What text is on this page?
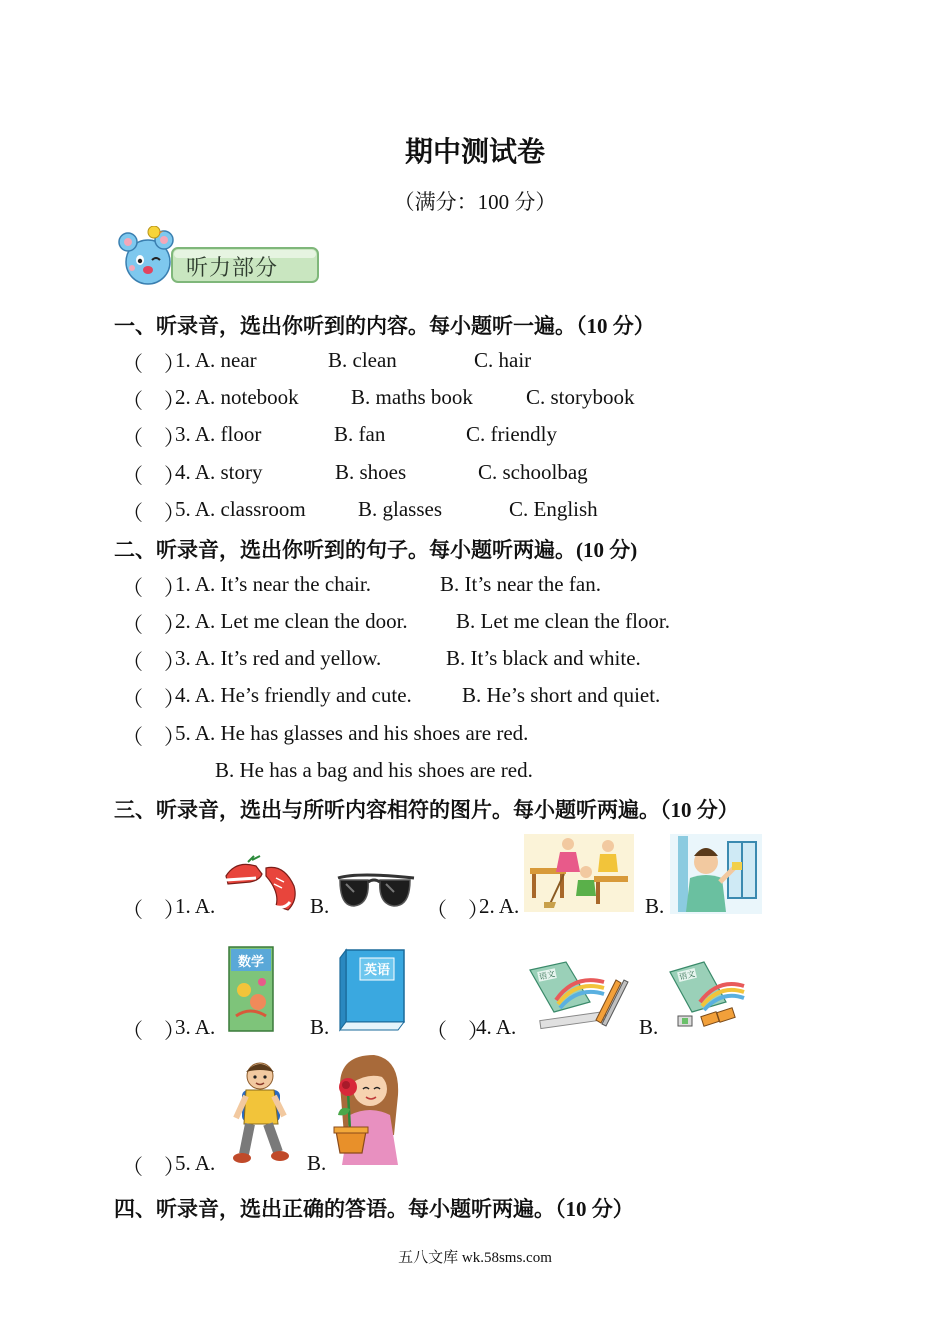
期中测试卷
（满分：100 分）
听力部分
一、听录音，选出你听到的内容。每小题听一遍。（10 分）
（　）
1. A. near	B. clean	C. hair
（　）
2. A. notebook B. maths book	C. storybook
（　）
3. A. floor	B. fan	C. friendly
（　）
4. A. story	B. shoes	C. schoolbag
（　）
5. A. classroom B. glasses	C. English
二、听录音，选出你听到的句子。每小题听两遍。(10 分)
（　）
1. A. It’s near the chair.	B. It’s near the fan.
（　）
2. A. Let me clean the door. B. Let me clean the floor.
（　）
3. A. It’s red and yellow.	B. It’s black and white.
（　）
4. A. He’s friendly and cute. B. He’s short and quiet.
（　）
5. A. He has glasses and his shoes are red.
B. He has a bag and his shoes are red.
三、听录音，选出与所听内容相符的图片。每小题听两遍。（10 分）
（　）
1. A.	B.	（　）
2. A.	B.
（　）
3. A.
数学
B.
英语
（　）
4. A.
语文
B.
语文
（　）
5. A.	B.
四、听录音，选出正确的答语。每小题听两遍。（10 分）
五八文库 wk.58sms.com
